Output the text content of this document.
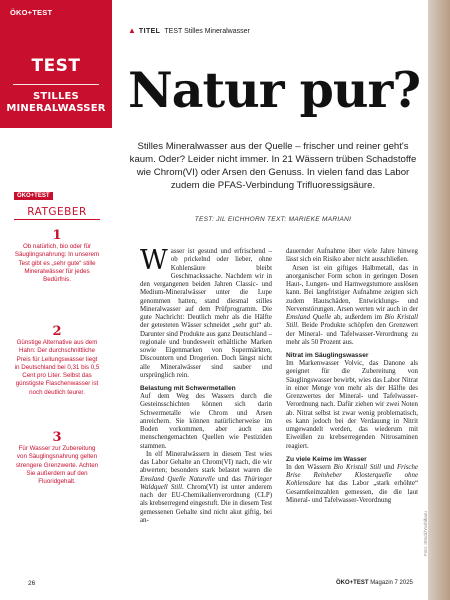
ÖKO+TEST
TEST
STILLES
MINERALWASSER
ÖKO+TEST
RATGEBER
1
Ob natürlich, bio oder für Säuglingsnahrung: In unserem Test gibt es „sehr gute“ stille Mineralwässer für jedes Bedürfnis.
2
Günstige Alternative aus dem Hahn: Der durchschnittliche Preis für Leitungswasser liegt in Deutschland bei 0,31 bis 0,5 Cent pro Liter. Selbst das günstigste Flaschenwasser ist noch deutlich teurer.
3
Für Wasser zur Zubereitung von Säuglingsnahrung gelten strengere Grenzwerte. Achten Sie außerdem auf den Fluoridgehalt.
▲ TITEL TEST Stilles Mineralwasser
Natur pur?
Stilles Mineralwasser aus der Quelle – frischer und reiner geht's kaum. Oder? Leider nicht immer. In 21 Wässern trüben Schadstoffe wie Chrom(VI) oder Arsen den Genuss. In vielen fand das Labor zudem die PFAS-Verbindung Trifluoressigsäure.
TEST: JIL EICHHORN TEXT: MARIEKE MARIANI

Wasser ist gesund und erfrischend – ob prickelnd oder lieber, ohne Kohlensäure bleibt Geschmackssache. Nachdem wir in den vergangenen beiden Jahren Classic- und Medium-Mineralwässer unter die Lupe genommen hatten, stand diesmal stilles Mineralwasser auf dem Prüfprogramm. Die gute Nachricht: Deutlich mehr als die Hälfte der getesteten Wässer schneidet „sehr gut“ ab. Darunter sind Produkte aus ganz Deutschland – regionale und bundesweit erhältliche Marken sowie Eigenmarken von Supermärkten, Discountern und Drogerien. Doch längst nicht alle Mineralwässer sind sauber und ursprünglich rein.

Belastung mit Schwermetallen

Auf dem Weg des Wassers durch die Gesteinsschichten können sich darin Schwermetalle wie Chrom und Arsen anreichern. Sie können natürlicherweise im Boden vorkommen, aber auch aus menschengemachten Quellen wie Pestiziden stammen.

In elf Mineralwässern in diesem Test wies das Labor Gehalte an Chrom(VI) nach, die wir abwerten; besonders stark belastet waren die Emsland Quelle Naturelle und das Thüringer Waldquell Still. Chrom(VI) ist unter anderem nach der EU-Chemikalienverordnung (CLP) als krebserregend eingestuft. Die in diesem Test gemessenen Gehalte sind nicht akut giftig, bei an-

dauernder Aufnahme über viele Jahre hinweg lässt sich ein Risiko aber nicht ausschließen.

Arsen ist ein giftiges Halbmetall, das in anorganischer Form schon in geringen Dosen Haut-, Lungen- und Harnwegstumore auslösen kann. Bei langfristiger Aufnahme zeigten sich zudem Hautschäden, Entwicklungs- und Nervenstörungen. Arsen werten wir auch in der Emsland Quelle ab, außerdem im Bio Kristall Still. Beide Produkte schöpfen den Grenzwert der Mineral- und Tafelwasser-Verordnung zu mehr als 50 Prozent aus.

Nitrat im Säuglingswasser

Im Markenwasser Volvic, das Danone als geeignet für die Zubereitung von Säuglingswasser bewirbt, wies das Labor Nitrat in einer Menge von mehr als der Hälfte des Grenzwertes der Mineral- und Tafelwasser-Verordnung nach. Dafür ziehen wir zwei Noten ab. Nitrat selbst ist zwar wenig problematisch, es kann jedoch bei der Verdauung in Nitrit umgewandelt werden, das wiederum mit Eiweißen zu krebserregenden Nitrosaminen reagiert.

Zu viele Keime im Wasser

In den Wässern Bio Kristall Still und Frische Brise Reinheber Klosterquelle ohne Kohlensäure hat das Labor „stark erhöhte“ Gesamtkeimzahlen gemessen, die die laut Mineral- und Tafelwasser-Verordnung

Foto: iStock/Yoshiharu
26	ÖKO+TEST Magazin 7 2025
